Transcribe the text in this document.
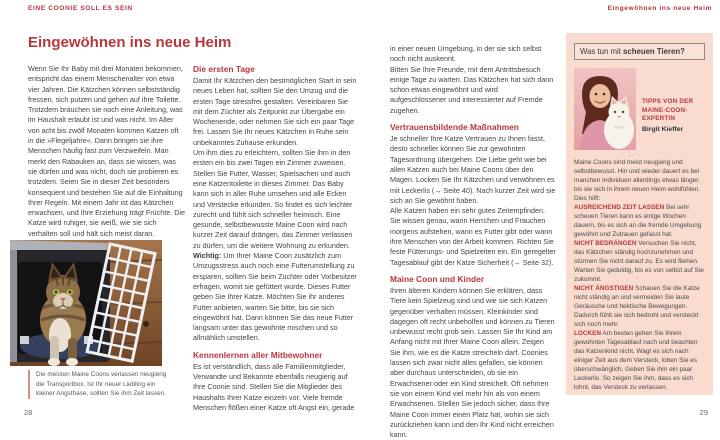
EINE COONIE SOLL ES SEIN	Eingewöhnen ins neue Heim
Eingewöhnen ins neue Heim

Wenn Sie Ihr Baby mit drei Monaten bekommen, entspricht das einem Menschenalter von etwa vier Jahren. Die Kätzchen können selbstständig fressen, sich putzen und gehen auf ihre Toilette. Trotzdem brauchen sie noch eine Anleitung, was im Haushalt erlaubt ist und was nicht. Im Alter von acht bis zwölf Monaten kommen Katzen oft in die »Flegeljahre«. Dann bringen sie ihre Menschen häufig fast zum Verzweifeln. Man merkt den Rabauken an, dass sie wissen, was sie dürfen und was nicht, doch sie probieren es trotzdem. Seien Sie in dieser Zeit besonders konsequent und bestehen Sie auf die Einhaltung Ihrer Regeln. Mit einem Jahr ist das Kätzchen erwachsen, und Ihre Erziehung trägt Früchte. Die Katze wird ruhiger, sie weiß, wie sie sich verhalten soll und hält sich meist daran.

Die meisten Maine Coons verlassen neugierig die Transportbox. Ist Ihr neuer Liebling ein kleiner Angsthase, sollten Sie ihm Zeit lassen.
28
Die ersten Tage

Damit Ihr Kätzchen den bestmöglichen Start in sein neues Leben hat, sollten Sie den Umzug und die ersten Tage stressfrei gestalten. Vereinbaren Sie mit dem Züchter als Zeitpunkt zur Übergabe ein Wochenende, oder nehmen Sie sich ein paar Tage frei. Lassen Sie Ihr neues Kätzchen in Ruhe sein unbekanntes Zuhause erkunden.

Um ihm dies zu erleichtern, sollten Sie ihm in den ersten ein bis zwei Tagen ein Zimmer zuweisen. Stellen Sie Futter, Wasser, Spielsachen und auch eine Katzentoilette in dieses Zimmer. Das Baby kann sich in aller Ruhe umsehen und alle Ecken und Verstecke erkunden. So findet es sich leichter zurecht und fühlt sich schneller heimisch. Eine gesunde, selbstbewusste Maine Coon wird nach kurzer Zeit darauf drängen, das Zimmer verlassen zu dürfen, um die weitere Wohnung zu erkunden.

Wichtig: Um Ihrer Maine Coon zusätzlich zum Umzugsstress auch noch eine Futterumstellung zu ersparen, sollten Sie beim Züchter oder Vorbesitzer erfragen, womit sie gefüttert wurde. Dieses Futter geben Sie Ihrer Katze. Möchten Sie ihr anderes Futter anbieten, warten Sie bitte, bis sie sich eingewöhnt hat. Dann können Sie das neue Futter langsam unter das gewohnte mischen und so allmählich umstellen.

Kennenlernen aller Mitbewohner

Es ist verständlich, dass alle Familienmitglieder, Verwandte und Bekannte ebenfalls neugierig auf Ihre Coonie sind. Stellen Sie die Mitglieder des Haushalts Ihrer Katze einzeln vor. Viele fremde Menschen flößen einer Katze oft Angst ein, gerade

in einer neuen Umgebung, in der sie sich selbst noch nicht auskennt.

Bitten Sie Ihre Freunde, mit dem Antrittsbesuch einige Tage zu warten. Das Kätzchen hat sich dann schon etwas eingewöhnt und wird aufgeschlossener und interessierter auf Fremde zugehen.

Vertrauensbildende Maßnahmen

Je schneller Ihre Katze Vertrauen zu Ihnen fasst, desto schneller können Sie zur gewohnten Tagesordnung übergehen. Die Liebe geht wie bei allen Katzen auch bei Maine Coons über den Magen. Locken Sie Ihr Kätzchen und verwöhnen es mit Leckerlis (→ Seite 40). Nach kurzer Zeit wird sie sich an Sie gewöhnt haben.

Alle Katzen haben ein sehr gutes Zeitempfinden. Sie wissen genau, wann Herrchen und Frauchen morgens aufstehen, wann es Futter gibt oder wann ihre Menschen von der Arbeit kommen. Richten Sie feste Fütterungs- und Spielzeiten ein. Ein geregelter Tagesablauf gibt der Katze Sicherheit (→ Seite 32).

Maine Coon und Kinder

Ihren älteren Kindern können Sie erklären, dass Tiere kein Spielzeug sind und wie sie sich Katzen gegenüber verhalten müssen. Kleinkinder sind dagegen oft recht unbeholfen und können zu Tieren unbewusst recht grob sein. Lassen Sie Ihr Kind am Anfang nicht mit Ihrer Maine Coon allein. Zeigen Sie ihm, wie es die Katze streicheln darf. Coonies lassen sich zwar nicht alles gefallen, sie können aber durchaus unterscheiden, ob sie ein Erwachsener oder ein Kind streichelt. Oft nehmen sie von einem Kind viel mehr hin als von einem Erwachsenen. Stellen Sie jedoch sicher, dass Ihre Maine Coon immer einen Platz hat, wohin sie sich zurückziehen kann und den Ihr Kind nicht erreichen kann.

Was tun mit scheuen Tieren?
TIPPS VON DER MAINE-COON-EXPERTIN
Birgit Kieffer

Maine Coons sind meist neugierig und selbstbewusst. Hin und wieder dauert es bei manchen Individuen allerdings etwas länger, bis sie sich in ihrem neuen Heim wohlfühlen. Dies hilft:

AUSREICHEND ZEIT LASSEN Bei sehr scheuen Tieren kann es einige Wochen dauern, bis es sich an die fremde Umgebung gewöhnt und Zutrauen gefasst hat.

NICHT BEDRÄNGEN Versuchen Sie nicht, das Kätzchen ständig hochzunehmen und stürmen Sie nicht darauf zu. Es wird fliehen. Warten Sie geduldig, bis es von selbst auf Sie zukommt.

NICHT ÄNGSTIGEN Schauen Sie die Katze nicht ständig an und vermeiden Sie laute Geräusche und hektische Bewegungen. Dadurch fühlt sie sich bedroht und versteckt sich noch mehr.

LOCKEN Am besten gehen Sie Ihrem gewohnten Tagesablauf nach und beachten das Katzenkind nicht. Wagt es sich nach einiger Zeit aus dem Versteck, loben Sie es überschwänglich. Geben Sie ihm ein paar Leckerlis. So zeigen Sie ihm, dass es sich lohnt, das Versteck zu verlassen.

29
